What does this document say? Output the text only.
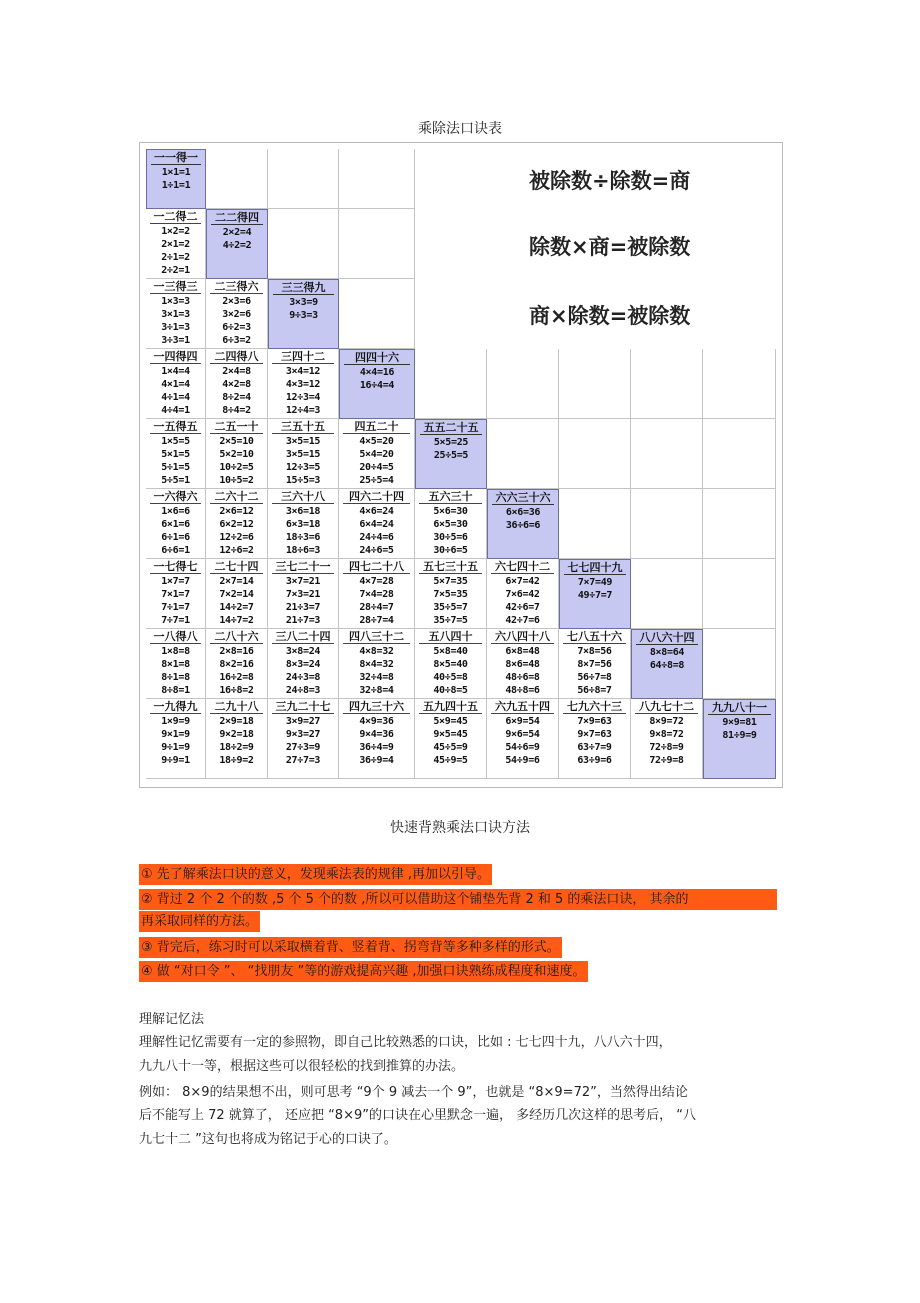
乘除法口诀表
被除数÷除数=商
除数×商=被除数
商×除数=被除数
一一得一
1×1=1
1÷1=1
一二得二
1×2=2
2×1=2
2÷1=2
2÷2=1
二二得四
2×2=4
4÷2=2
一三得三
1×3=3
3×1=3
3÷1=3
3÷3=1
二三得六
2×3=6
3×2=6
6÷2=3
6÷3=2
三三得九
3×3=9
9÷3=3
一四得四
1×4=4
4×1=4
4÷1=4
4÷4=1
二四得八
2×4=8
4×2=8
8÷2=4
8÷4=2
三四十二
3×4=12
4×3=12
12÷3=4
12÷4=3
四四十六
4×4=16
16÷4=4
一五得五
1×5=5
5×1=5
5÷1=5
5÷5=1
二五一十
2×5=10
5×2=10
10÷2=5
10÷5=2
三五十五
3×5=15
3×5=15
12÷3=5
15÷5=3
四五二十
4×5=20
5×4=20
20÷4=5
25÷5=4
五五二十五
5×5=25
25÷5=5
一六得六
1×6=6
6×1=6
6÷1=6
6÷6=1
二六十二
2×6=12
6×2=12
12÷2=6
12÷6=2
三六十八
3×6=18
6×3=18
18÷3=6
18÷6=3
四六二十四
4×6=24
6×4=24
24÷4=6
24÷6=5
五六三十
5×6=30
6×5=30
30÷5=6
30÷6=5
六六三十六
6×6=36
36÷6=6
一七得七
1×7=7
7×1=7
7÷1=7
7÷7=1
二七十四
2×7=14
7×2=14
14÷2=7
14÷7=2
三七二十一
3×7=21
7×3=21
21÷3=7
21÷7=3
四七二十八
4×7=28
7×4=28
28÷4=7
28÷7=4
五七三十五
5×7=35
7×5=35
35÷5=7
35÷7=5
六七四十二
6×7=42
7×6=42
42÷6=7
42÷7=6
七七四十九
7×7=49
49÷7=7
一八得八
1×8=8
8×1=8
8÷1=8
8÷8=1
二八十六
2×8=16
8×2=16
16÷2=8
16÷8=2
三八二十四
3×8=24
8×3=24
24÷3=8
24÷8=3
四八三十二
4×8=32
8×4=32
32÷4=8
32÷8=4
五八四十
5×8=40
8×5=40
40÷5=8
40÷8=5
六八四十八
6×8=48
8×6=48
48÷6=8
48÷8=6
七八五十六
7×8=56
8×7=56
56÷7=8
56÷8=7
八八六十四
8×8=64
64÷8=8
一九得九
1×9=9
9×1=9
9÷1=9
9÷9=1
二九十八
2×9=18
9×2=18
18÷2=9
18÷9=2
三九二十七
3×9=27
9×3=27
27÷3=9
27÷7=3
四九三十六
4×9=36
9×4=36
36÷4=9
36÷9=4
五九四十五
5×9=45
9×5=45
45÷5=9
45÷9=5
六九五十四
6×9=54
9×6=54
54÷6=9
54÷9=6
七九六十三
7×9=63
9×7=63
63÷7=9
63÷9=6
八九七十二
8×9=72
9×8=72
72÷8=9
72÷9=8
九九八十一
9×9=81
81÷9=9
快速背熟乘法口诀方法
① 先了解乘法口诀的意义，发现乘法表的规律 ,再加以引导。
② 背过 2 个 2 个的数 ,5 个 5 个的数 ,所以可以借助这个铺垫先背 2 和 5 的乘法口诀， 其余的
再采取同样的方法。
③ 背完后，练习时可以采取横着背、竖着背、拐弯背等多种多样的形式。
④ 做 “对口令 ”、 “找朋友 ”等的游戏提高兴趣 ,加强口诀熟练成程度和速度。
理解记忆法
理解性记忆需要有一定的参照物，即自己比较熟悉的口诀，比如 : 七七四十九，八八六十四，
九九八十一等，根据这些可以很轻松的找到推算的办法。
例如： 8×9的结果想不出，则可思考 “9个 9 减去一个 9”，也就是 “8×9=72”，当然得出结论
后不能写上 72 就算了， 还应把 “8×9”的口诀在心里默念一遍， 多经历几次这样的思考后， “八
九七十二 ”这句也将成为铭记于心的口诀了。
